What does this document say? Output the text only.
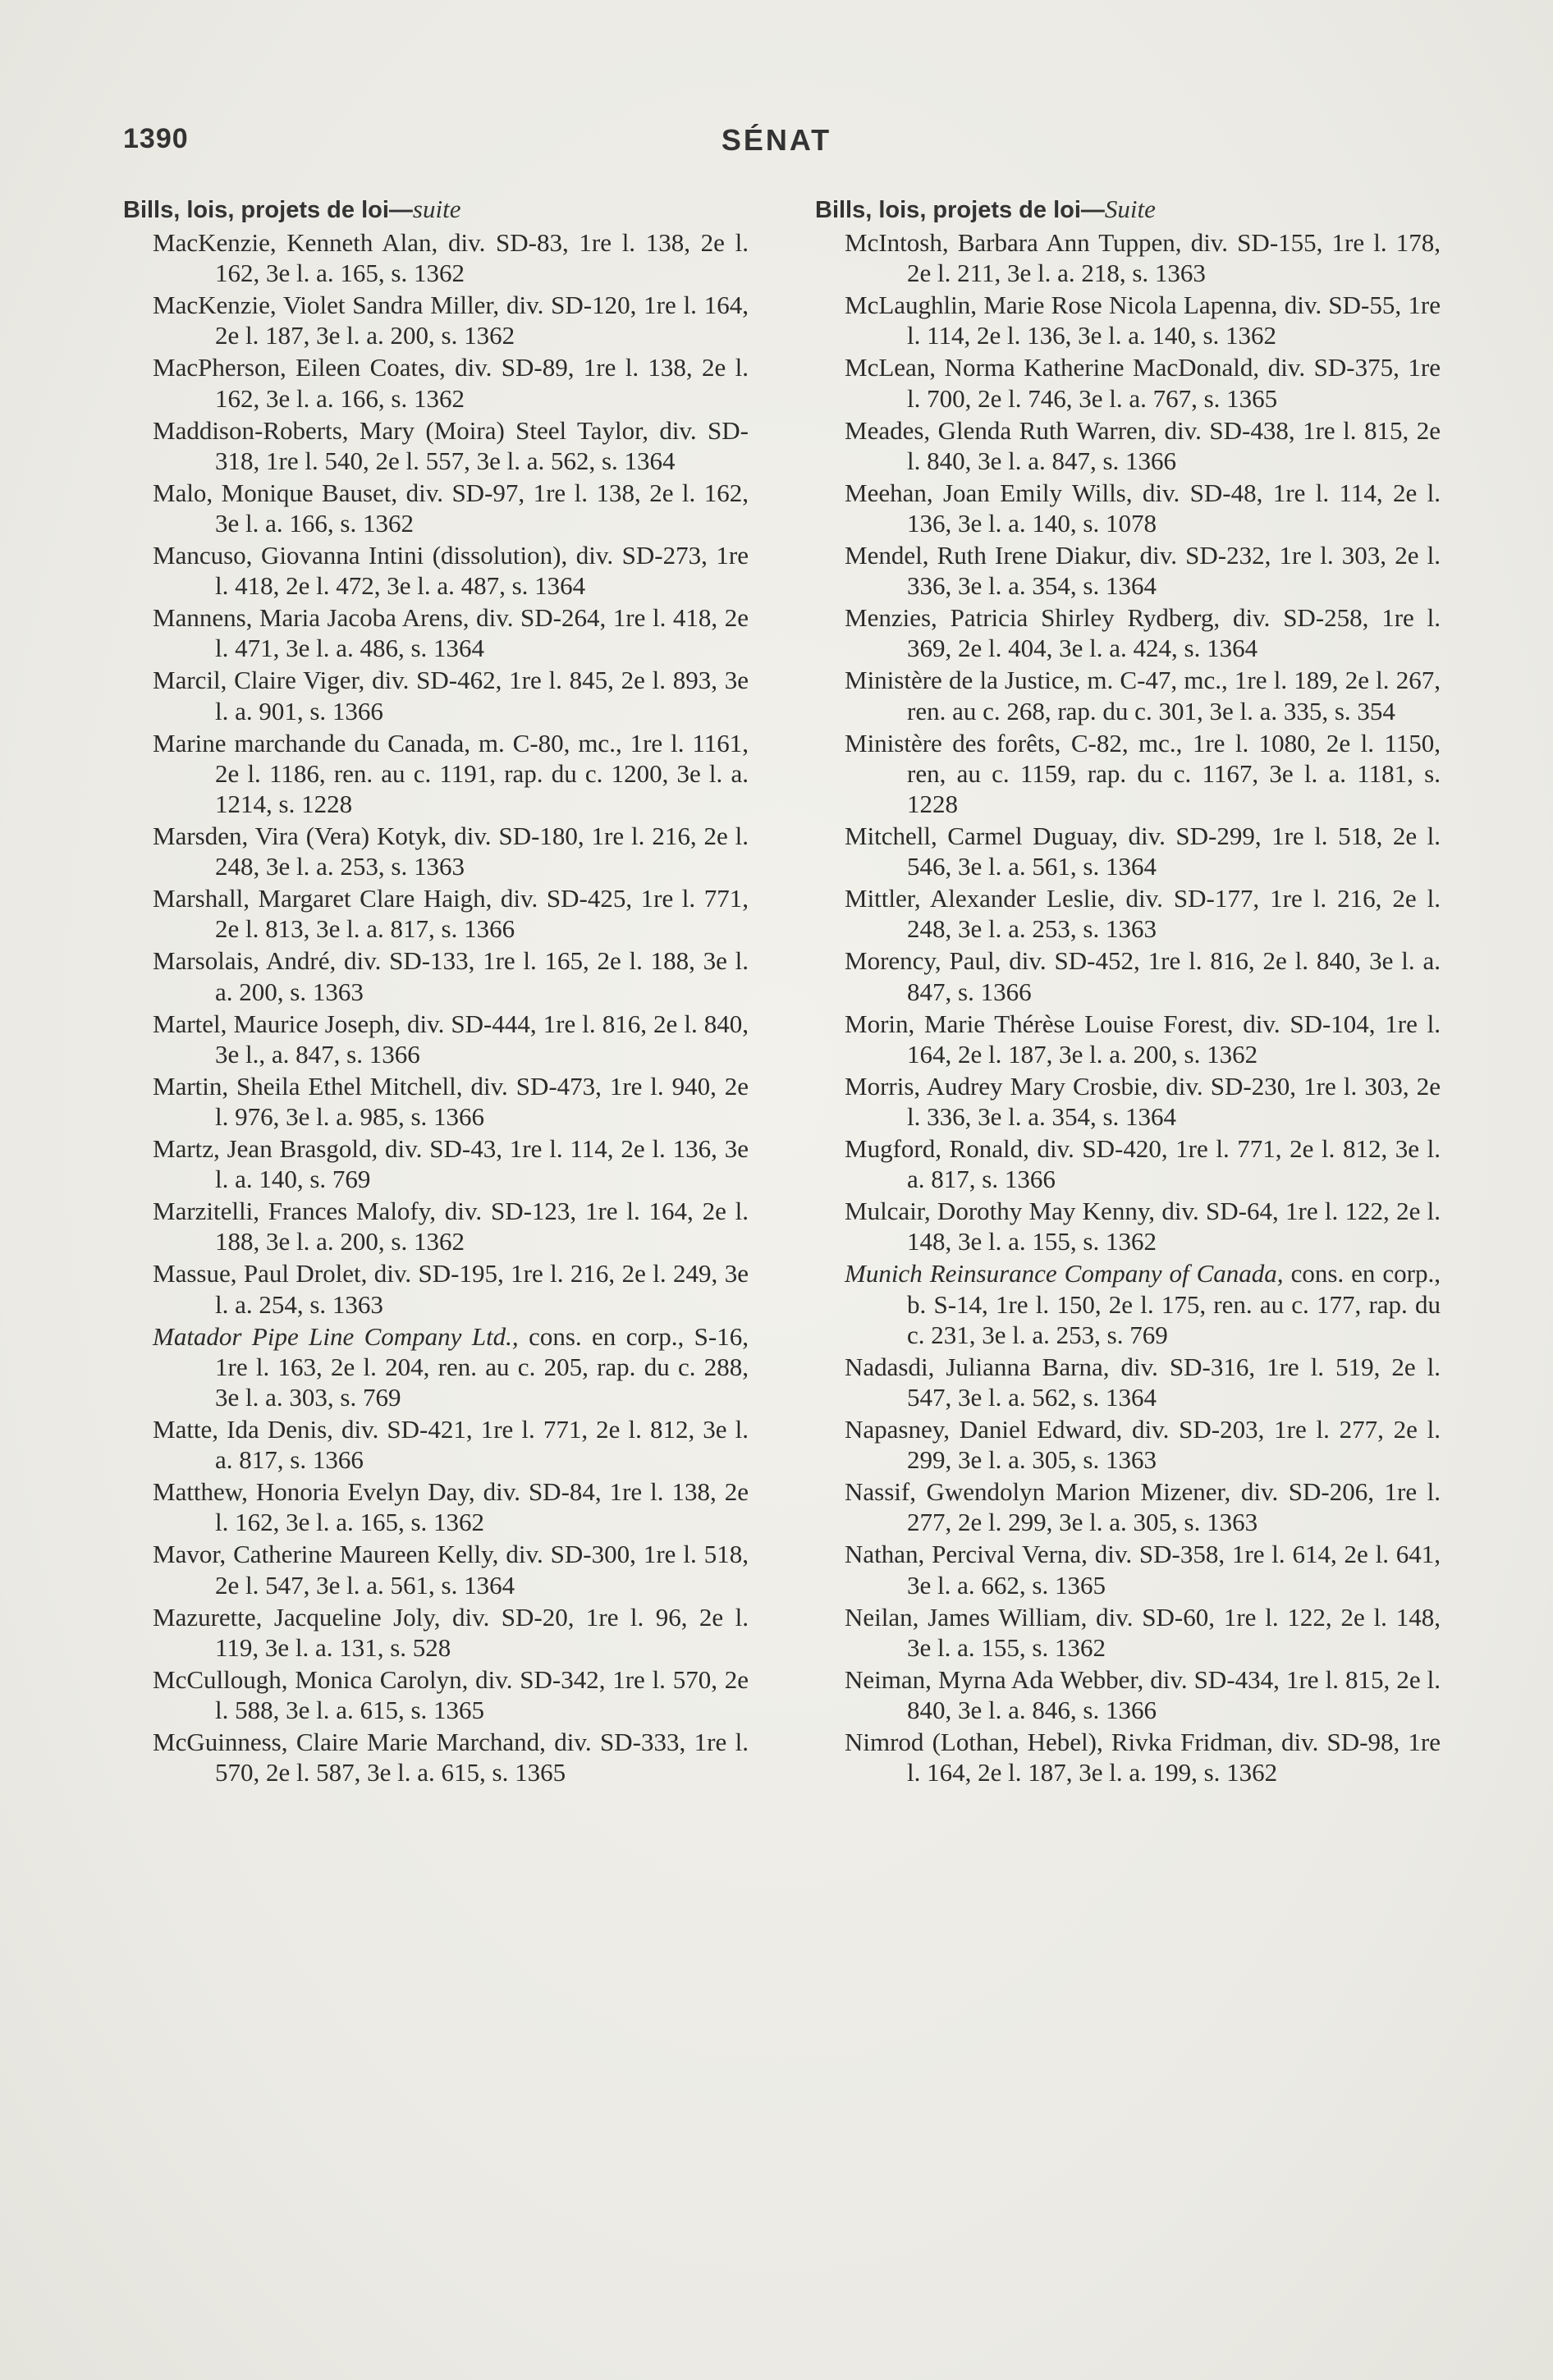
1390	SÉNAT
Bills, lois, projets de loi—suite

MacKenzie, Kenneth Alan, div. SD-83, 1re l. 138, 2e l. 162, 3e l. a. 165, s. 1362

MacKenzie, Violet Sandra Miller, div. SD-120, 1re l. 164, 2e l. 187, 3e l. a. 200, s. 1362

MacPherson, Eileen Coates, div. SD-89, 1re l. 138, 2e l. 162, 3e l. a. 166, s. 1362

Maddison-Roberts, Mary (Moira) Steel Taylor, div. SD-318, 1re l. 540, 2e l. 557, 3e l. a. 562, s. 1364

Malo, Monique Bauset, div. SD-97, 1re l. 138, 2e l. 162, 3e l. a. 166, s. 1362

Mancuso, Giovanna Intini (dissolution), div. SD-273, 1re l. 418, 2e l. 472, 3e l. a. 487, s. 1364

Mannens, Maria Jacoba Arens, div. SD-264, 1re l. 418, 2e l. 471, 3e l. a. 486, s. 1364

Marcil, Claire Viger, div. SD-462, 1re l. 845, 2e l. 893, 3e l. a. 901, s. 1366

Marine marchande du Canada, m. C-80, mc., 1re l. 1161, 2e l. 1186, ren. au c. 1191, rap. du c. 1200, 3e l. a. 1214, s. 1228

Marsden, Vira (Vera) Kotyk, div. SD-180, 1re l. 216, 2e l. 248, 3e l. a. 253, s. 1363

Marshall, Margaret Clare Haigh, div. SD-425, 1re l. 771, 2e l. 813, 3e l. a. 817, s. 1366

Marsolais, André, div. SD-133, 1re l. 165, 2e l. 188, 3e l. a. 200, s. 1363

Martel, Maurice Joseph, div. SD-444, 1re l. 816, 2e l. 840, 3e l., a. 847, s. 1366

Martin, Sheila Ethel Mitchell, div. SD-473, 1re l. 940, 2e l. 976, 3e l. a. 985, s. 1366

Martz, Jean Brasgold, div. SD-43, 1re l. 114, 2e l. 136, 3e l. a. 140, s. 769

Marzitelli, Frances Malofy, div. SD-123, 1re l. 164, 2e l. 188, 3e l. a. 200, s. 1362

Massue, Paul Drolet, div. SD-195, 1re l. 216, 2e l. 249, 3e l. a. 254, s. 1363

Matador Pipe Line Company Ltd., cons. en corp., S-16, 1re l. 163, 2e l. 204, ren. au c. 205, rap. du c. 288, 3e l. a. 303, s. 769

Matte, Ida Denis, div. SD-421, 1re l. 771, 2e l. 812, 3e l. a. 817, s. 1366

Matthew, Honoria Evelyn Day, div. SD-84, 1re l. 138, 2e l. 162, 3e l. a. 165, s. 1362

Mavor, Catherine Maureen Kelly, div. SD-300, 1re l. 518, 2e l. 547, 3e l. a. 561, s. 1364

Mazurette, Jacqueline Joly, div. SD-20, 1re l. 96, 2e l. 119, 3e l. a. 131, s. 528

McCullough, Monica Carolyn, div. SD-342, 1re l. 570, 2e l. 588, 3e l. a. 615, s. 1365

McGuinness, Claire Marie Marchand, div. SD-333, 1re l. 570, 2e l. 587, 3e l. a. 615, s. 1365

Bills, lois, projets de loi—Suite

McIntosh, Barbara Ann Tuppen, div. SD-155, 1re l. 178, 2e l. 211, 3e l. a. 218, s. 1363

McLaughlin, Marie Rose Nicola Lapenna, div. SD-55, 1re l. 114, 2e l. 136, 3e l. a. 140, s. 1362

McLean, Norma Katherine MacDonald, div. SD-375, 1re l. 700, 2e l. 746, 3e l. a. 767, s. 1365

Meades, Glenda Ruth Warren, div. SD-438, 1re l. 815, 2e l. 840, 3e l. a. 847, s. 1366

Meehan, Joan Emily Wills, div. SD-48, 1re l. 114, 2e l. 136, 3e l. a. 140, s. 1078

Mendel, Ruth Irene Diakur, div. SD-232, 1re l. 303, 2e l. 336, 3e l. a. 354, s. 1364

Menzies, Patricia Shirley Rydberg, div. SD-258, 1re l. 369, 2e l. 404, 3e l. a. 424, s. 1364

Ministère de la Justice, m. C-47, mc., 1re l. 189, 2e l. 267, ren. au c. 268, rap. du c. 301, 3e l. a. 335, s. 354

Ministère des forêts, C-82, mc., 1re l. 1080, 2e l. 1150, ren, au c. 1159, rap. du c. 1167, 3e l. a. 1181, s. 1228

Mitchell, Carmel Duguay, div. SD-299, 1re l. 518, 2e l. 546, 3e l. a. 561, s. 1364

Mittler, Alexander Leslie, div. SD-177, 1re l. 216, 2e l. 248, 3e l. a. 253, s. 1363

Morency, Paul, div. SD-452, 1re l. 816, 2e l. 840, 3e l. a. 847, s. 1366

Morin, Marie Thérèse Louise Forest, div. SD-104, 1re l. 164, 2e l. 187, 3e l. a. 200, s. 1362

Morris, Audrey Mary Crosbie, div. SD-230, 1re l. 303, 2e l. 336, 3e l. a. 354, s. 1364

Mugford, Ronald, div. SD-420, 1re l. 771, 2e l. 812, 3e l. a. 817, s. 1366

Mulcair, Dorothy May Kenny, div. SD-64, 1re l. 122, 2e l. 148, 3e l. a. 155, s. 1362

Munich Reinsurance Company of Canada, cons. en corp., b. S-14, 1re l. 150, 2e l. 175, ren. au c. 177, rap. du c. 231, 3e l. a. 253, s. 769

Nadasdi, Julianna Barna, div. SD-316, 1re l. 519, 2e l. 547, 3e l. a. 562, s. 1364

Napasney, Daniel Edward, div. SD-203, 1re l. 277, 2e l. 299, 3e l. a. 305, s. 1363

Nassif, Gwendolyn Marion Mizener, div. SD-206, 1re l. 277, 2e l. 299, 3e l. a. 305, s. 1363

Nathan, Percival Verna, div. SD-358, 1re l. 614, 2e l. 641, 3e l. a. 662, s. 1365

Neilan, James William, div. SD-60, 1re l. 122, 2e l. 148, 3e l. a. 155, s. 1362

Neiman, Myrna Ada Webber, div. SD-434, 1re l. 815, 2e l. 840, 3e l. a. 846, s. 1366

Nimrod (Lothan, Hebel), Rivka Fridman, div. SD-98, 1re l. 164, 2e l. 187, 3e l. a. 199, s. 1362
